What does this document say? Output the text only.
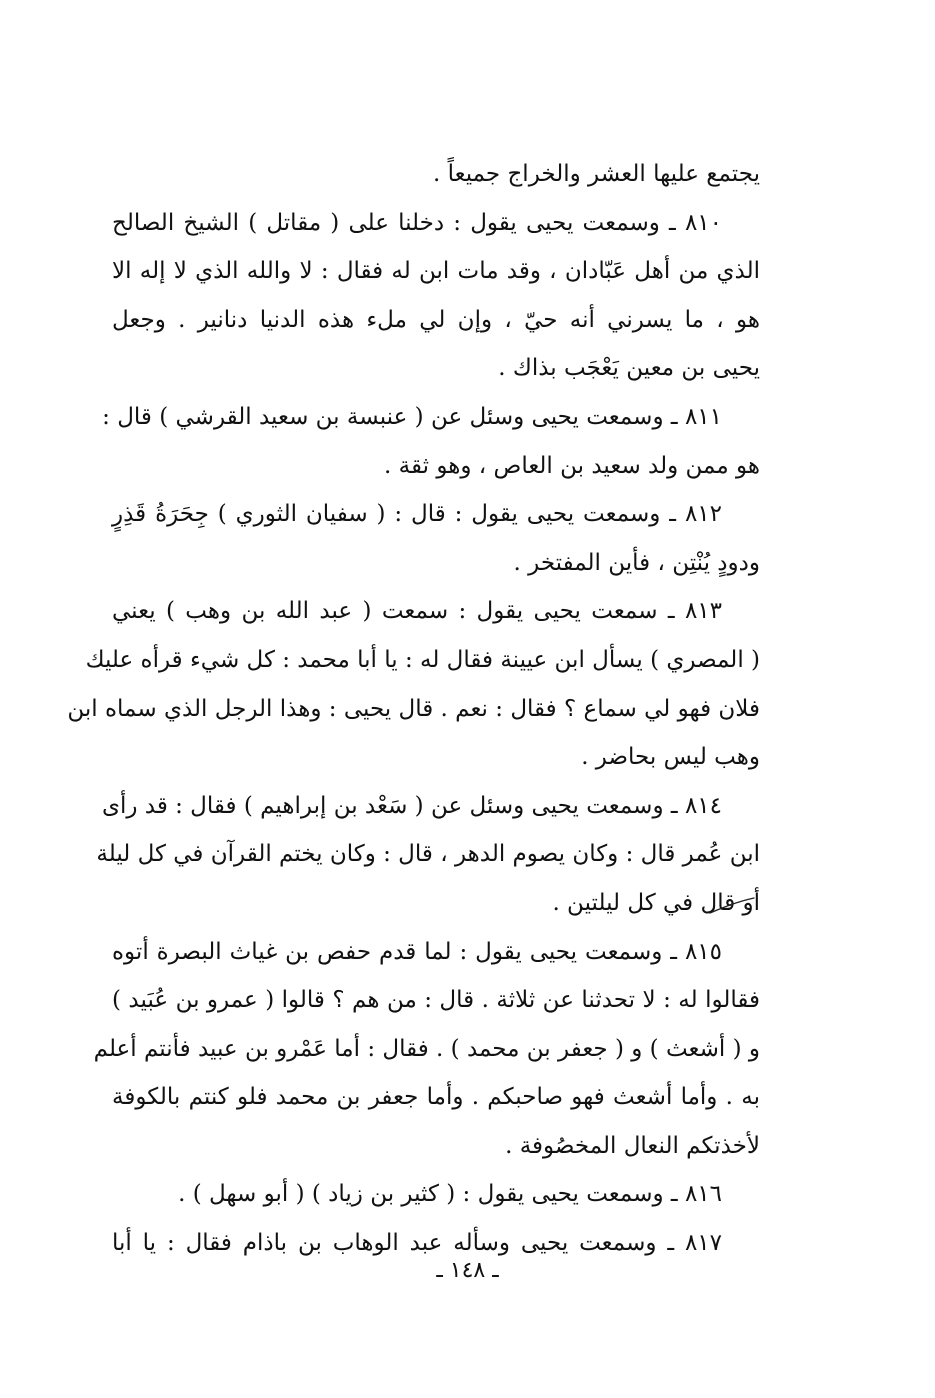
يجتمع عليها العشر والخراج جميعاً .
٨١٠ ـ وسمعت يحيى يقول : دخلنا على ( مقاتل ) الشيخ الصالح
الذي من أهل عَبّادان ، وقد مات ابن له فقال : لا والله الذي لا إله الا
هو ، ما يسرني أنه حيّ ، وإن لي ملء هذه الدنيا دنانير . وجعل
يحيى بن معين يَعْجَب بذاك .
٨١١ ـ وسمعت يحيى وسئل عن ( عنبسة بن سعيد القرشي ) قال :
هو ممن ولد سعيد بن العاص ، وهو ثقة .
٨١٢ ـ وسمعت يحيى يقول : قال : ( سفيان الثوري ) جِحَرَةُ قَذِرٍ
ودودٍ يُنْتِن ، فأين المفتخر .
٨١٣ ـ سمعت يحيى يقول : سمعت ( عبد الله بن وهب ) يعني
( المصري ) يسأل ابن عيينة فقال له : يا أبا محمد : كل شيء قرأه عليك
فلان فهو لي سماع ؟ فقال : نعم . قال يحيى : وهذا الرجل الذي سماه ابن
وهب ليس بحاضر .
٨١٤ ـ وسمعت يحيى وسئل عن ( سَعْد بن إبراهيم ) فقال : قد رأى
ابن عُمر قال : وكان يصوم الدهر ، قال : وكان يختم القرآن في كل ليلة
أو قال في كل ليلتين .
٨١٥ ـ وسمعت يحيى يقول : لما قدم حفص بن غياث البصرة أتوه
فقالوا له : لا تحدثنا عن ثلاثة . قال : من هم ؟ قالوا ( عمرو بن عُبَيد )
و ( أشعث ) و ( جعفر بن محمد ) . فقال : أما عَمْرو بن عبيد فأنتم أعلم
به . وأما أشعث فهو صاحبكم . وأما جعفر بن محمد فلو كنتم بالكوفة
لأخذتكم النعال المخصُوفة .
٨١٦ ـ وسمعت يحيى يقول : ( كثير بن زياد ) ( أبو سهل ) .
٨١٧ ـ وسمعت يحيى وسأله عبد الوهاب بن باذام فقال : يا أبا
ـ ١٤٨ ـ
